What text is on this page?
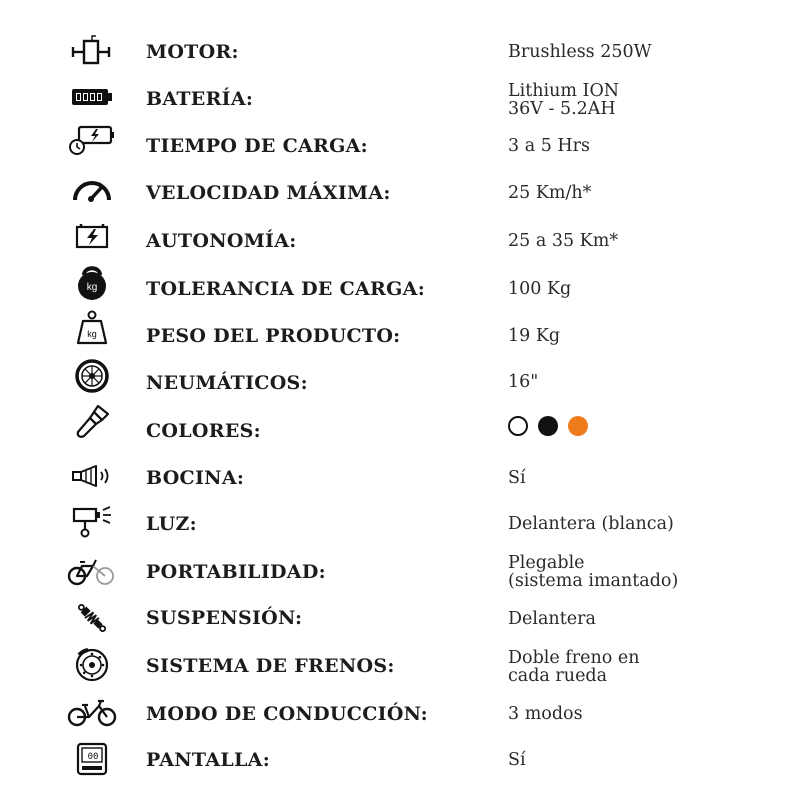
MOTOR:	Brushless 250W
BATERÍA:	Lithium ION
36V - 5.2AH
TIEMPO DE CARGA:	3 a 5 Hrs
VELOCIDAD MÁXIMA:	25 Km/h*
AUTONOMÍA:	25 a 35 Km*
kg	TOLERANCIA DE CARGA:	100 Kg
kg	PESO DEL PRODUCTO:	19 Kg
NEUMÁTICOS:	16"
COLORES:
BOCINA:	Sí
LUZ:	Delantera (blanca)
PORTABILIDAD:	Plegable
(sistema imantado)
SUSPENSIÓN:	Delantera
SISTEMA DE FRENOS:	Doble freno en
cada rueda
MODO DE CONDUCCIÓN:	3 modos
00	PANTALLA:	Sí
